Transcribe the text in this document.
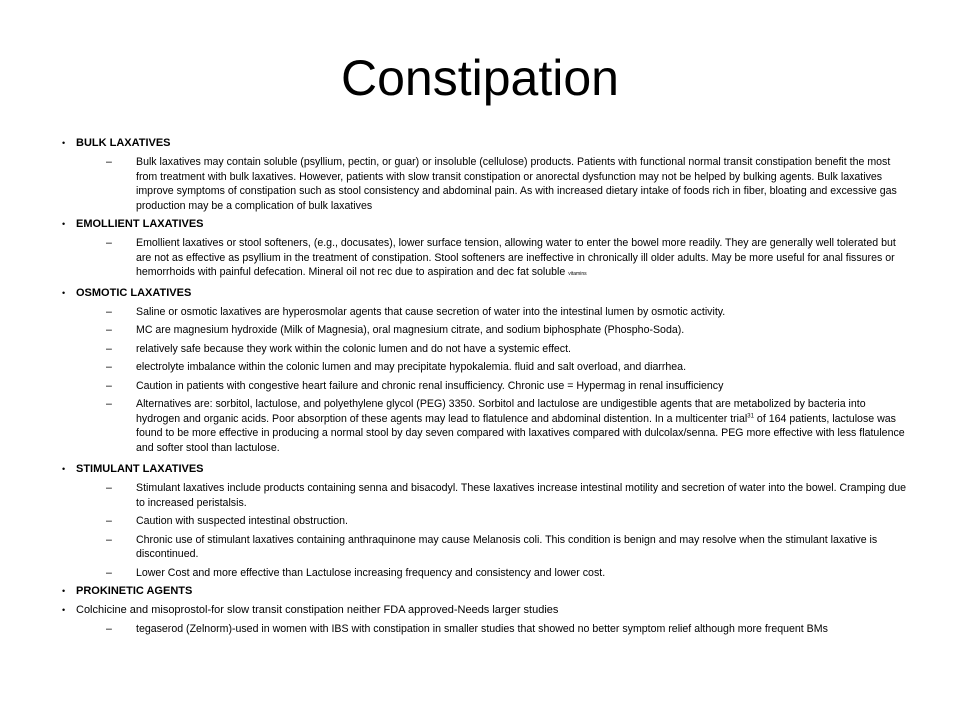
Constipation
• BULK LAXATIVES
–	Bulk laxatives may contain soluble (psyllium, pectin, or guar) or insoluble (cellulose) products. Patients with functional normal transit constipation benefit the most from treatment with bulk laxatives. However, patients with slow transit constipation or anorectal dysfunction may not be helped by bulking agents. Bulk laxatives improve symptoms of constipation such as stool consistency and abdominal pain. As with increased dietary intake of foods rich in fiber, bloating and excessive gas production may be a complication of bulk laxatives
• EMOLLIENT LAXATIVES
–	Emollient laxatives or stool softeners, (e.g., docusates), lower surface tension, allowing water to enter the bowel more readily. They are generally well tolerated but are not as effective as psyllium in the treatment of constipation. Stool softeners are ineffective in chronically ill older adults. May be more useful for anal fissures or hemorrhoids with painful defecation. Mineral oil not rec due to aspiration and dec fat soluble vitamins
• OSMOTIC LAXATIVES
–	Saline or osmotic laxatives are hyperosmolar agents that cause secretion of water into the intestinal lumen by osmotic activity.
–	MC are magnesium hydroxide (Milk of Magnesia), oral magnesium citrate, and sodium biphosphate (Phospho-Soda).
–	relatively safe because they work within the colonic lumen and do not have a systemic effect.
–	electrolyte imbalance within the colonic lumen and may precipitate hypokalemia. fluid and salt overload, and diarrhea.
–	Caution in patients with congestive heart failure and chronic renal insufficiency. Chronic use = Hypermag in renal insufficiency
–	Alternatives are: sorbitol, lactulose, and polyethylene glycol (PEG) 3350. Sorbitol and lactulose are undigestible agents that are metabolized by bacteria into hydrogen and organic acids. Poor absorption of these agents may lead to flatulence and abdominal distention. In a multicenter trial$^{31}$ of 164 patients, lactulose was found to be more effective in producing a normal stool by day seven compared with laxatives compared with dulcolax/senna. PEG more effective with less flatulence and softer stool than lactulose.
• STIMULANT LAXATIVES
–	Stimulant laxatives include products containing senna and bisacodyl. These laxatives increase intestinal motility and secretion of water into the bowel. Cramping due to increased peristalsis.
–	Caution with suspected intestinal obstruction.
–	Chronic use of stimulant laxatives containing anthraquinone may cause Melanosis coli. This condition is benign and may resolve when the stimulant laxative is discontinued.
–	Lower Cost and more effective than Lactulose increasing frequency and consistency and lower cost.
• PROKINETIC AGENTS
• Colchicine and misoprostol-for slow transit constipation neither FDA approved-Needs larger studies
–	tegaserod (Zelnorm)-used in women with IBS with constipation in smaller studies that showed no better symptom relief although more frequent BMs
